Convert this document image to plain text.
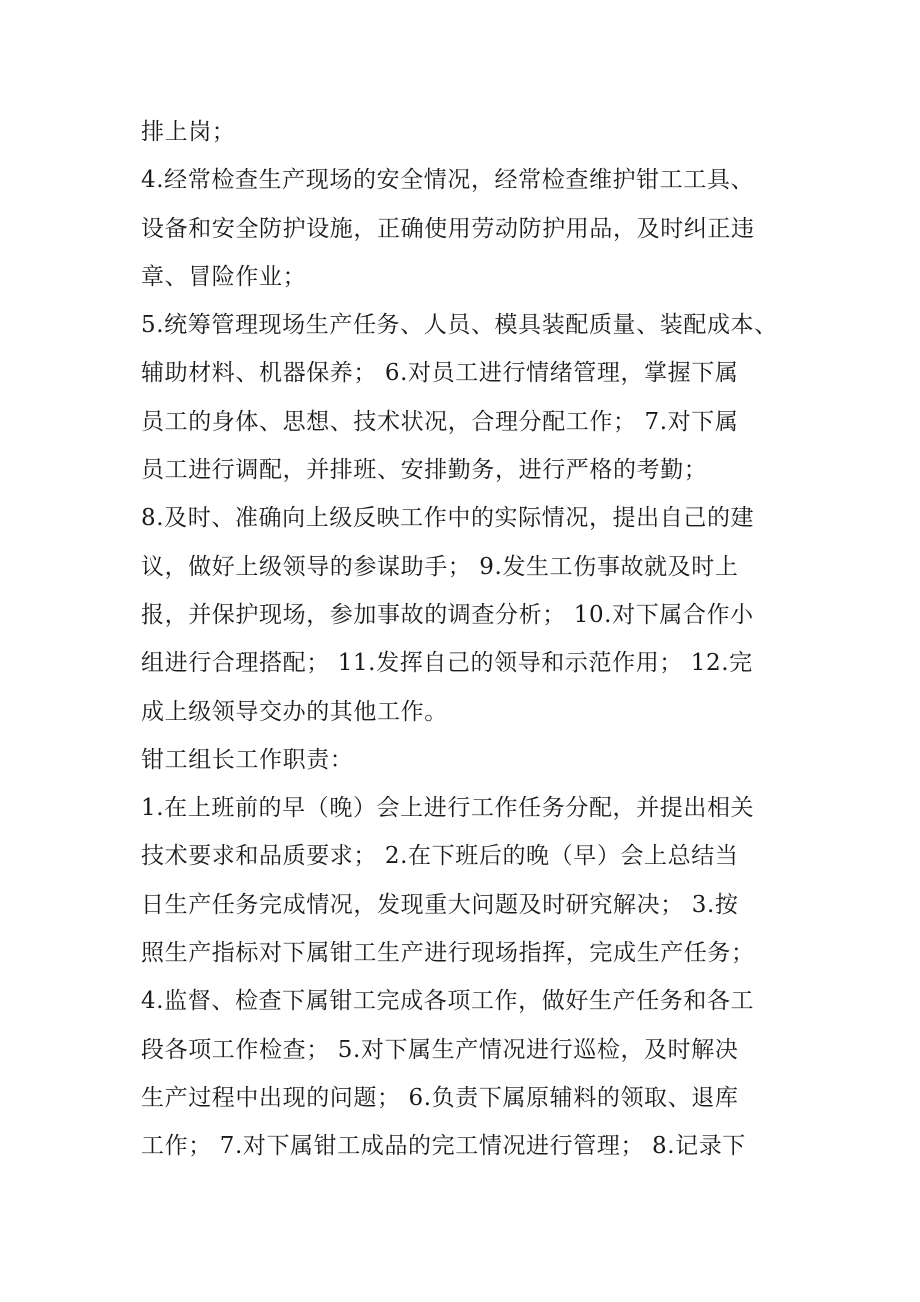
排上岗；
4.经常检查生产现场的安全情况，经常检查维护钳工工具、
设备和安全防护设施，正确使用劳动防护用品，及时纠正违
章、冒险作业；
5.统筹管理现场生产任务、人员、模具装配质量、装配成本、
辅助材料、机器保养； 6.对员工进行情绪管理，掌握下属
员工的身体、思想、技术状况，合理分配工作； 7.对下属
员工进行调配，并排班、安排勤务，进行严格的考勤；
8.及时、准确向上级反映工作中的实际情况，提出自己的建
议，做好上级领导的参谋助手； 9.发生工伤事故就及时上
报，并保护现场，参加事故的调查分析； 10.对下属合作小
组进行合理搭配； 11.发挥自己的领导和示范作用； 12.完
成上级领导交办的其他工作。
钳工组长工作职责：
1.在上班前的早（晚）会上进行工作任务分配，并提出相关
技术要求和品质要求； 2.在下班后的晚（早）会上总结当
日生产任务完成情况，发现重大问题及时研究解决； 3.按
照生产指标对下属钳工生产进行现场指挥，完成生产任务；
4.监督、检查下属钳工完成各项工作，做好生产任务和各工
段各项工作检查； 5.对下属生产情况进行巡检，及时解决
生产过程中出现的问题； 6.负责下属原辅料的领取、退库
工作； 7.对下属钳工成品的完工情况进行管理； 8.记录下
